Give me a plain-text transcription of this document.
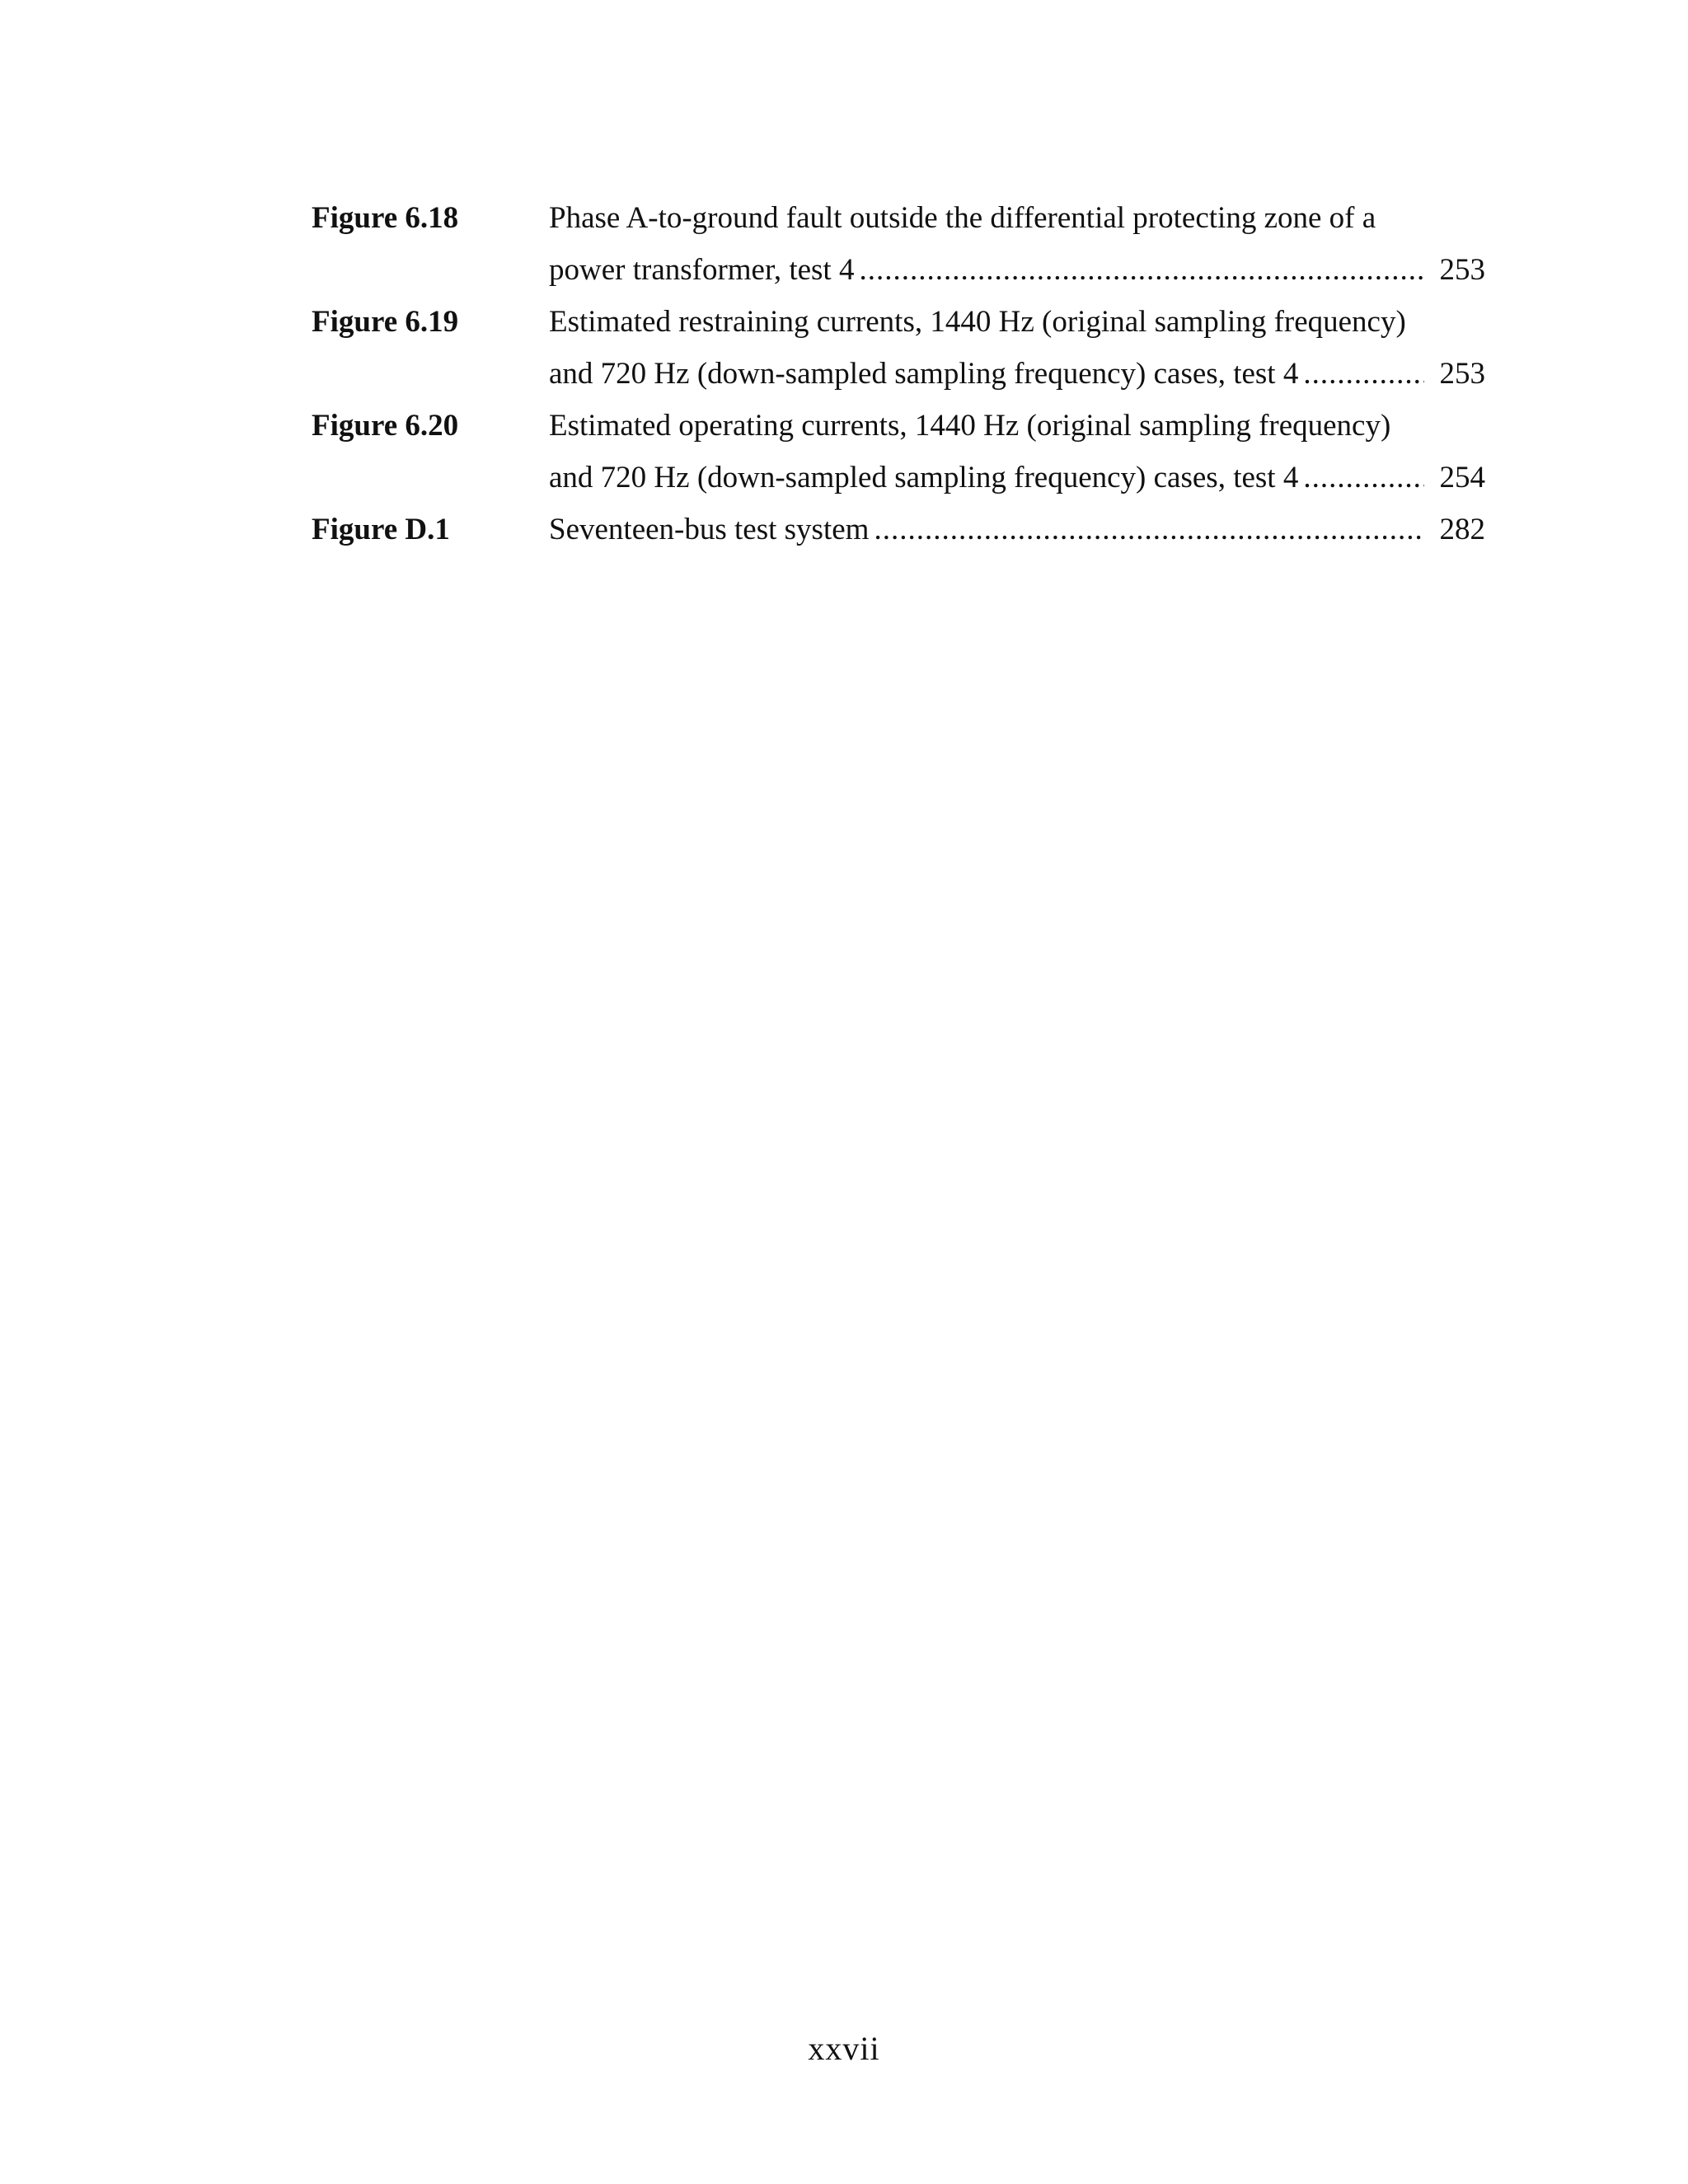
Figure 6.18	Phase A-to-ground fault outside the differential protecting zone of a
power transformer, test 4 .....	253
Figure 6.19	Estimated restraining currents, 1440 Hz (original sampling frequency)
and 720 Hz (down-sampled sampling frequency) cases, test 4 .....	253
Figure 6.20	Estimated operating currents, 1440 Hz (original sampling frequency)
and 720 Hz (down-sampled sampling frequency) cases, test 4 .....	254
Figure D.1	Seventeen-bus test system .....	282
xxvii
